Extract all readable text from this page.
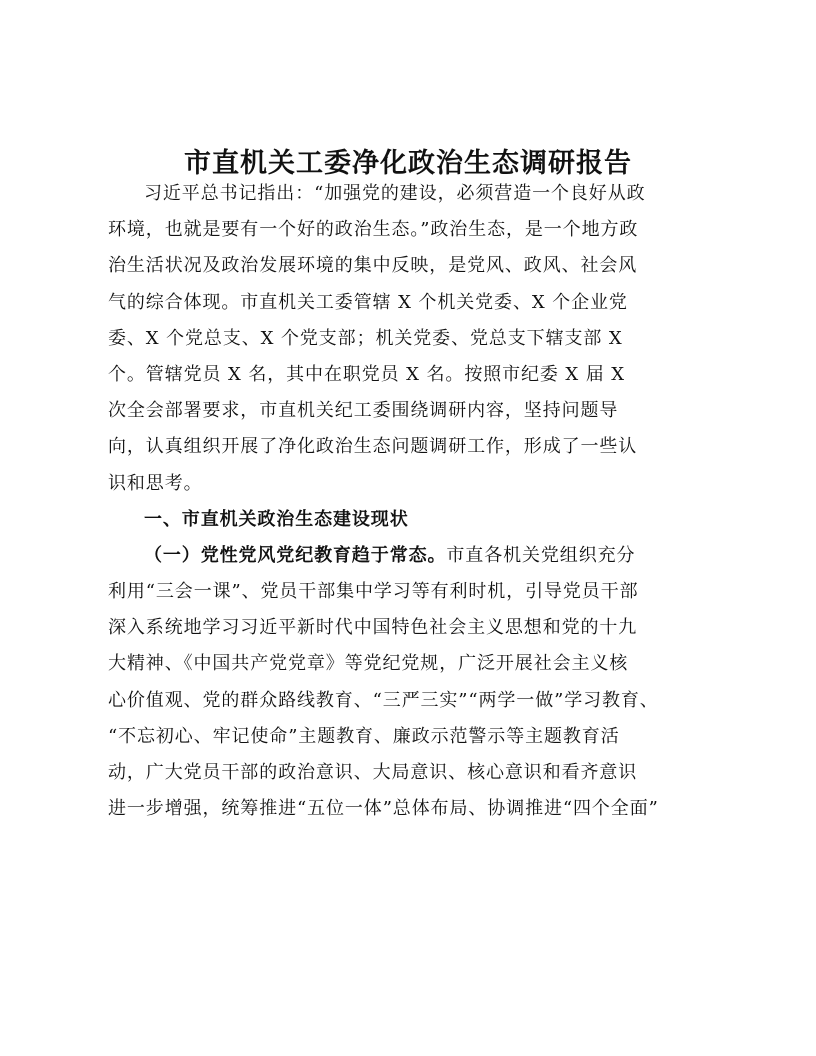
市直机关工委净化政治生态调研报告
习近平总书记指出：“加强党的建设，必须营造一个良好从政
环境，也就是要有一个好的政治生态。”政治生态，是一个地方政
治生活状况及政治发展环境的集中反映，是党风、政风、社会风
气的综合体现。市直机关工委管辖 X 个机关党委、X 个企业党
委、X 个党总支、X 个党支部；机关党委、党总支下辖支部 X
个。管辖党员 X 名，其中在职党员 X 名。按照市纪委 X 届 X
次全会部署要求，市直机关纪工委围绕调研内容，坚持问题导
向，认真组织开展了净化政治生态问题调研工作，形成了一些认
识和思考。
一、市直机关政治生态建设现状
（一）党性党风党纪教育趋于常态。市直各机关党组织充分
利用“三会一课”、党员干部集中学习等有利时机，引导党员干部
深入系统地学习习近平新时代中国特色社会主义思想和党的十九
大精神、《中国共产党党章》等党纪党规，广泛开展社会主义核
心价值观、党的群众路线教育、“三严三实”“两学一做”学习教育、
“不忘初心、牢记使命”主题教育、廉政示范警示等主题教育活
动，广大党员干部的政治意识、大局意识、核心意识和看齐意识
进一步增强，统筹推进“五位一体”总体布局、协调推进“四个全面”
